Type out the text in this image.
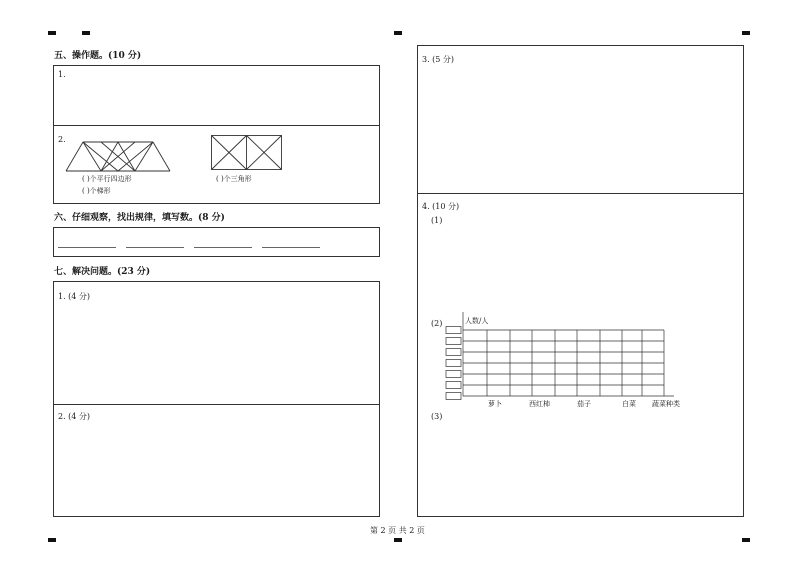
五、操作题。(10 分)
1.
2.
( )个平行四边形
( )个梯形
( )个三角形
六、仔细观察，找出规律，填写数。(8 分)
七、解决问题。(23 分)
1. (4 分)
2. (4 分)
3. (5 分)
4. (10 分)
(1)
(2)
(3)
人数/人
蔬菜种类
萝卜	西红柿	茄子	白菜
第 2 页 共 2 页
